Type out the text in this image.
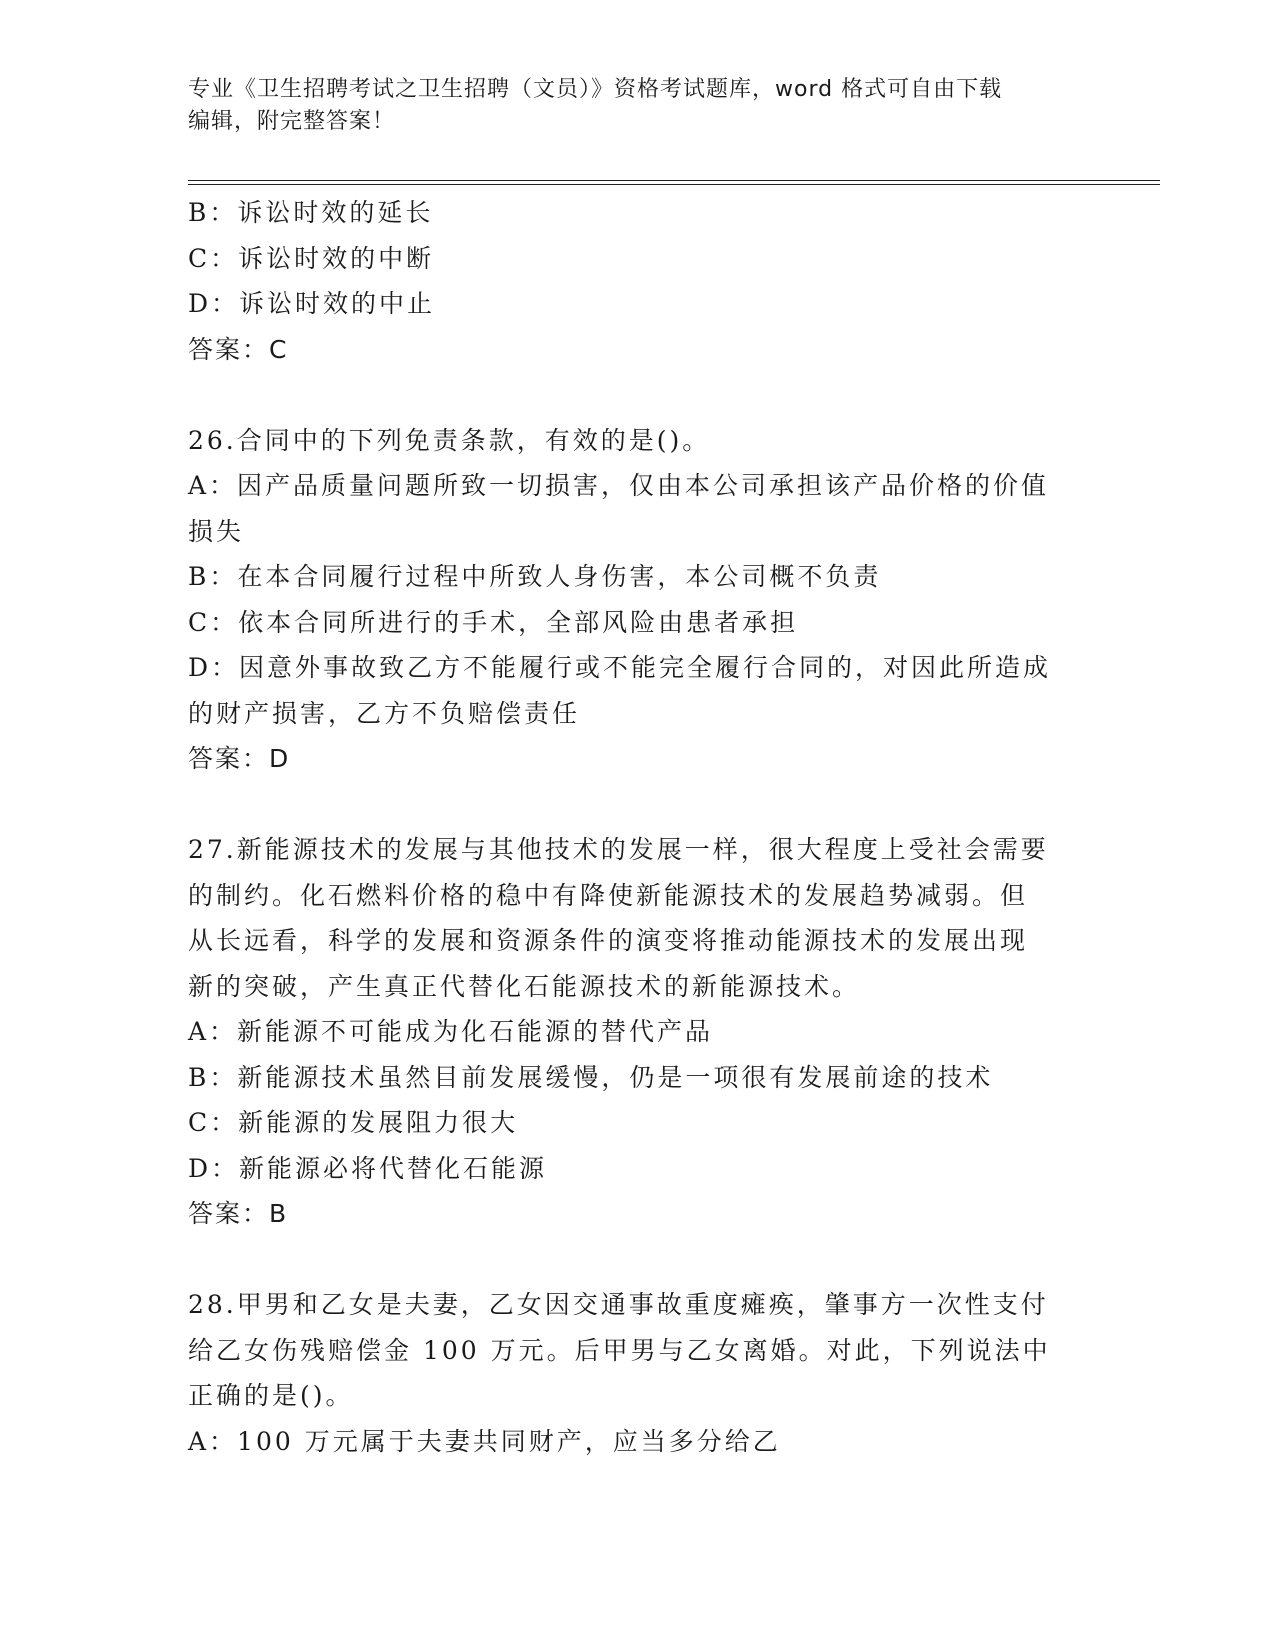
专业《卫生招聘考试之卫生招聘（文员）》资格考试题库，word 格式可自由下载
编辑，附完整答案！
B：诉讼时效的延长
C：诉讼时效的中断
D：诉讼时效的中止
答案：C
26.合同中的下列免责条款，有效的是()。
A：因产品质量问题所致一切损害，仅由本公司承担该产品价格的价值
损失
B：在本合同履行过程中所致人身伤害，本公司概不负责
C：依本合同所进行的手术，全部风险由患者承担
D：因意外事故致乙方不能履行或不能完全履行合同的，对因此所造成
的财产损害，乙方不负赔偿责任
答案：D
27.新能源技术的发展与其他技术的发展一样，很大程度上受社会需要
的制约。化石燃料价格的稳中有降使新能源技术的发展趋势减弱。但
从长远看，科学的发展和资源条件的演变将推动能源技术的发展出现
新的突破，产生真正代替化石能源技术的新能源技术。
A：新能源不可能成为化石能源的替代产品
B：新能源技术虽然目前发展缓慢，仍是一项很有发展前途的技术
C：新能源的发展阻力很大
D：新能源必将代替化石能源
答案：B
28.甲男和乙女是夫妻，乙女因交通事故重度瘫痪，肇事方一次性支付
给乙女伤残赔偿金 100 万元。后甲男与乙女离婚。对此，下列说法中
正确的是()。
A：100 万元属于夫妻共同财产，应当多分给乙
